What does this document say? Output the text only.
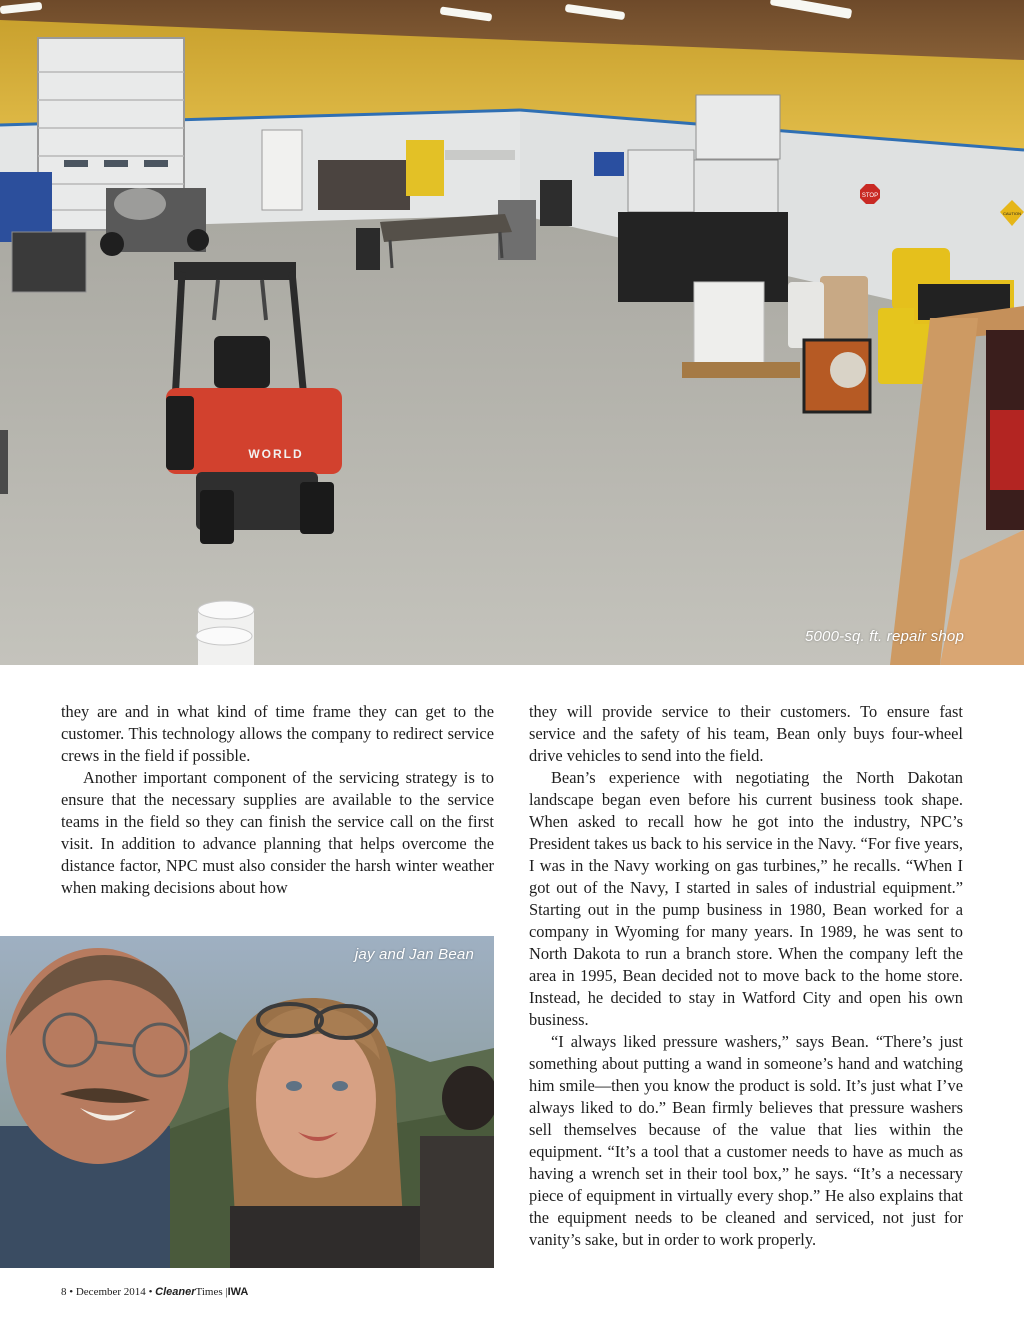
STOP
CAUTION
WORLD
5000-sq. ft. repair shop

they are and in what kind of time frame they can get to the customer. This technology allows the company to redirect service crews in the field if possible.

Another important component of the servicing strategy is to ensure that the necessary supplies are available to the service teams in the field so they can finish the service call on the first visit. In addition to advance planning that helps overcome the distance factor, NPC must also consider the harsh winter weather when making decisions about how

they will provide service to their customers. To ensure fast service and the safety of his team, Bean only buys four-wheel drive vehicles to send into the field.

Bean’s experience with negotiating the North Dakotan landscape began even before his current business took shape. When asked to recall how he got into the industry, NPC’s President takes us back to his service in the Navy. “For five years, I was in the Navy working on gas turbines,” he recalls. “When I got out of the Navy, I started in sales of industrial equipment.” Starting out in the pump business in 1980, Bean worked for a company in Wyoming for many years. In 1989, he was sent to North Dakota to run a branch store. When the company left the area in 1995, Bean decided not to move back to the home store. Instead, he decided to stay in Watford City and open his own business.

“I always liked pressure washers,” says Bean. “There’s just something about putting a wand in someone’s hand and watching him smile—then you know the product is sold. It’s just what I’ve always liked to do.” Bean firmly believes that pressure washers sell themselves because of the value that lies within the equipment. “It’s a tool that a customer needs to have as much as having a wrench set in their tool box,” he says. “It’s a necessary piece of equipment in virtually every shop.” He also explains that the equipment needs to be cleaned and serviced, not just for vanity’s sake, but in order to work properly.

jay and Jan Bean
8 • December 2014 • CleanerTimes |IWA
